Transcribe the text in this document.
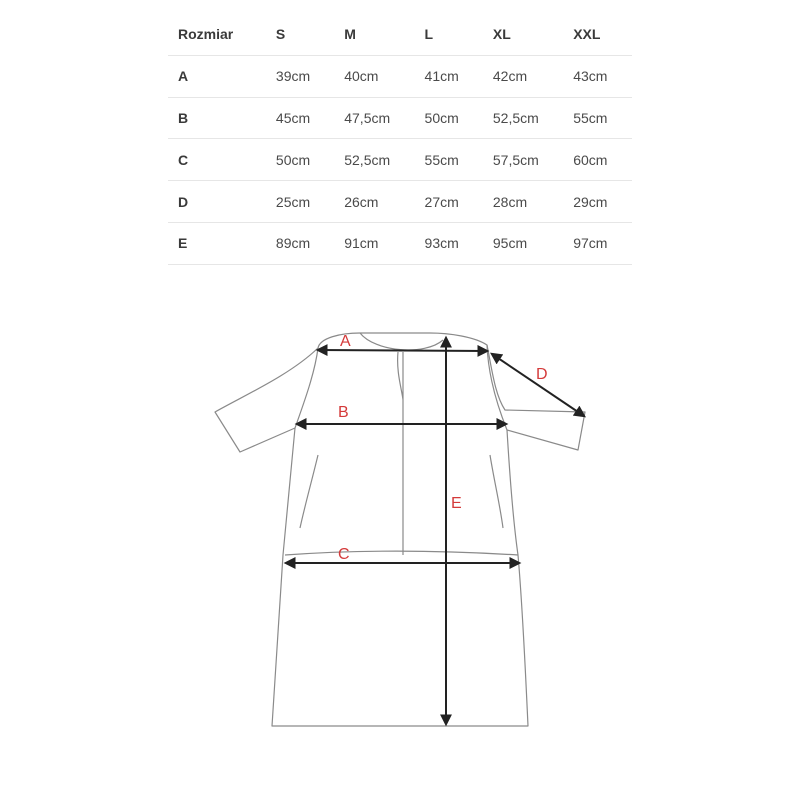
Rozmiar	S	M	L	XL	XXL
A	39cm	40cm	41cm	42cm	43cm
B	45cm	47,5cm	50cm	52,5cm	55cm
C	50cm	52,5cm	55cm	57,5cm	60cm
D	25cm	26cm	27cm	28cm	29cm
E	89cm	91cm	93cm	95cm	97cm
A
B
C
D
E
